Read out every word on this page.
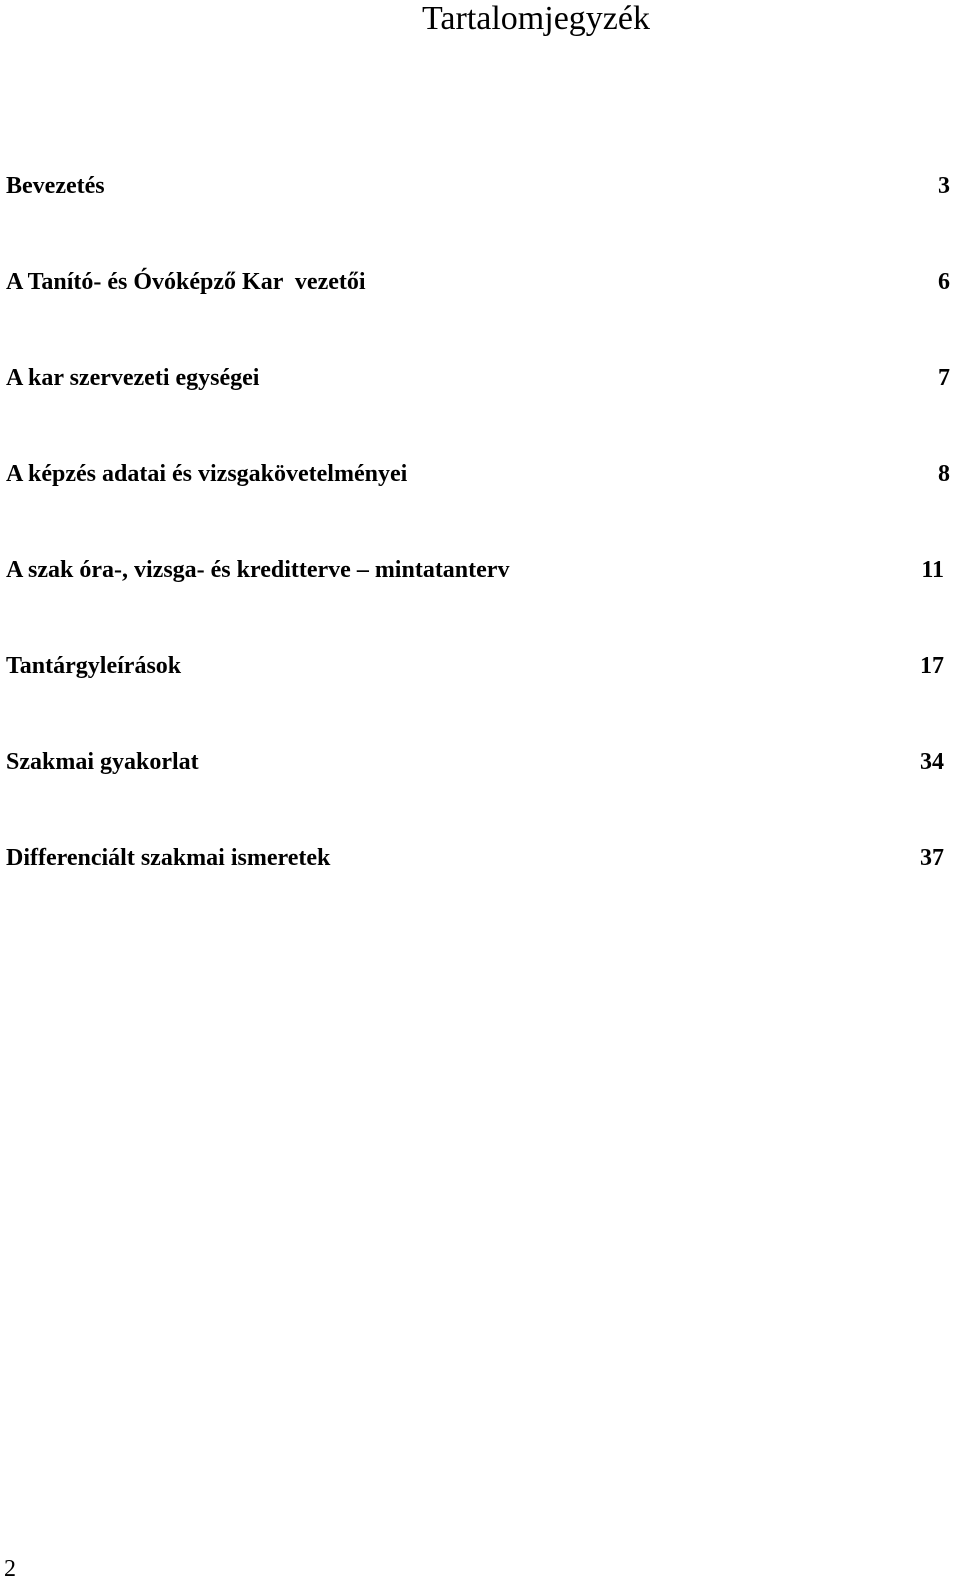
Tartalomjegyzék
Bevezetés	3
A Tanító- és Óvóképző Kar  vezetői	6
A kar szervezeti egységei	7
A képzés adatai és vizsgakövetelményei	8
A szak óra-, vizsga- és kreditterve – mintatanterv	11
Tantárgyleírások	17
Szakmai gyakorlat	34
Differenciált szakmai ismeretek	37
2
